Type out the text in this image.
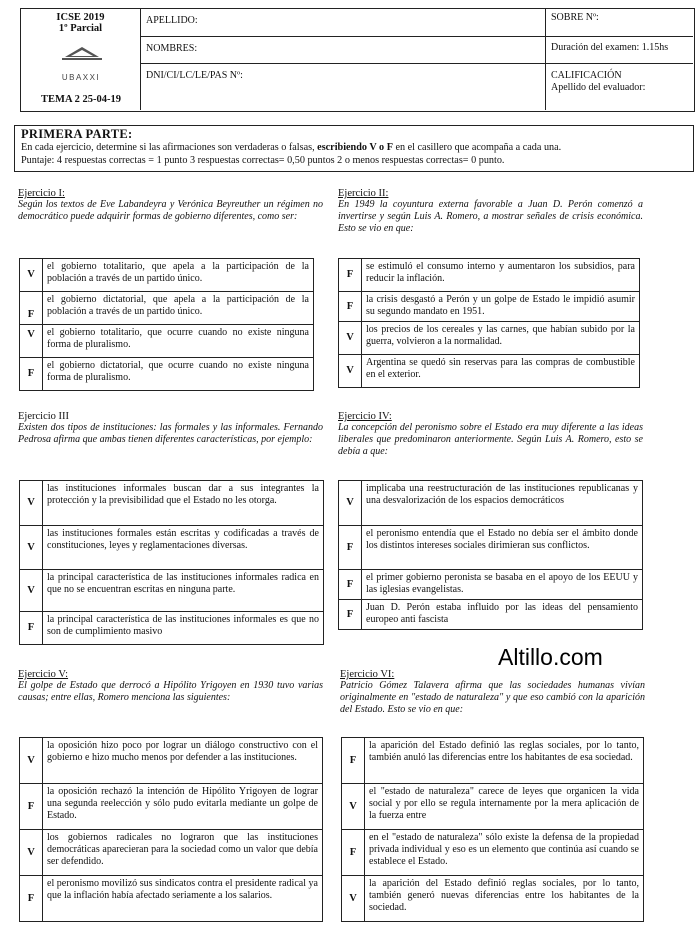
ICSE 2019
1º Parcial
UBAXXI
TEMA 2 25-04-19
APELLIDO:
NOMBRES:
DNI/CI/LC/LE/PAS Nº:
SOBRE Nº:
Duración del examen: 1.15hs
CALIFICACIÓN
Apellido del evaluador:
PRIMERA PARTE:
En cada ejercicio, determine si las afirmaciones son verdaderas o falsas, escribiendo V o F en el casillero que acompaña a cada una.
Puntaje: 4 respuestas correctas = 1 punto 3 respuestas correctas= 0,50 puntos 2 o menos respuestas correctas= 0 punto.
Ejercicio I:
Según los textos de Eve Labandeyra y Verónica Beyreuther un régimen no democrático puede adquirir formas de gobierno diferentes, como ser:
V	el gobierno totalitario, que apela a la participación de la población a través de un partido único.
F	el gobierno dictatorial, que apela a la participación de la población a través de un partido único.
V	el gobierno totalitario, que ocurre cuando no existe ninguna forma de pluralismo.
F	el gobierno dictatorial, que ocurre cuando no existe ninguna forma de pluralismo.
Ejercicio II:
En 1949 la coyuntura externa favorable a Juan D. Perón comenzó a invertirse y según Luis A. Romero, a mostrar señales de crisis económica. Esto se vio en que:
F	se estimuló el consumo interno y aumentaron los subsidios, para reducir la inflación.
F	la crisis desgastó a Perón y un golpe de Estado le impidió asumir su segundo mandato en 1951.
V	los precios de los cereales y las carnes, que habían subido por la guerra, volvieron a la normalidad.
V	Argentina se quedó sin reservas para las compras de combustible en el exterior.
Ejercicio III
Existen dos tipos de instituciones: las formales y las informales. Fernando Pedrosa afirma que ambas tienen diferentes características, por ejemplo:
V	las instituciones informales buscan dar a sus integrantes la protección y la previsibilidad que el Estado no les otorga.
V	las instituciones formales están escritas y codificadas a través de constituciones, leyes y reglamentaciones diversas.
V	la principal característica de las instituciones informales radica en que no se encuentran escritas en ninguna parte.
F	la principal característica de las instituciones informales es que no son de cumplimiento masivo
Ejercicio IV:
La concepción del peronismo sobre el Estado era muy diferente a las ideas liberales que predominaron anteriormente. Según Luis A. Romero, esto se debía a que:
V	implicaba una reestructuración de las instituciones republicanas y una desvalorización de los espacios democráticos
F	el peronismo entendía que el Estado no debía ser el ámbito donde los distintos intereses sociales dirimieran sus conflictos.
F	el primer gobierno peronista se basaba en el apoyo de los EEUU y las iglesias evangelistas.
F	Juan D. Perón estaba influido por las ideas del pensamiento europeo anti fascista
Altillo.com
Ejercicio V:
El golpe de Estado que derrocó a Hipólito Yrigoyen en 1930 tuvo varias causas; entre ellas, Romero menciona las siguientes:
V	la oposición hizo poco por lograr un diálogo constructivo con el gobierno e hizo mucho menos por defender a las instituciones.
F	la oposición rechazó la intención de Hipólito Yrigoyen de lograr una segunda reelección y sólo pudo evitarla mediante un golpe de Estado.
V	los gobiernos radicales no lograron que las instituciones democráticas aparecieran para la sociedad como un valor que debía ser defendido.
F	el peronismo movilizó sus sindicatos contra el presidente radical ya que la inflación había afectado seriamente a los salarios.
Ejercicio VI:
Patricio Gómez Talavera afirma que las sociedades humanas vivían originalmente en "estado de naturaleza" y que eso cambió con la aparición del Estado. Esto se vio en que:
F	la aparición del Estado definió las reglas sociales, por lo tanto, también anuló las diferencias entre los habitantes de esa sociedad.
V	el "estado de naturaleza" carece de leyes que organicen la vida social y por ello se regula internamente por la mera aplicación de la fuerza entre
F	en el "estado de naturaleza" sólo existe la defensa de la propiedad privada individual y eso es un elemento que continúa así cuando se establece el Estado.
V	la aparición del Estado definió reglas sociales, por lo tanto, también generó nuevas diferencias entre los habitantes de la sociedad.
